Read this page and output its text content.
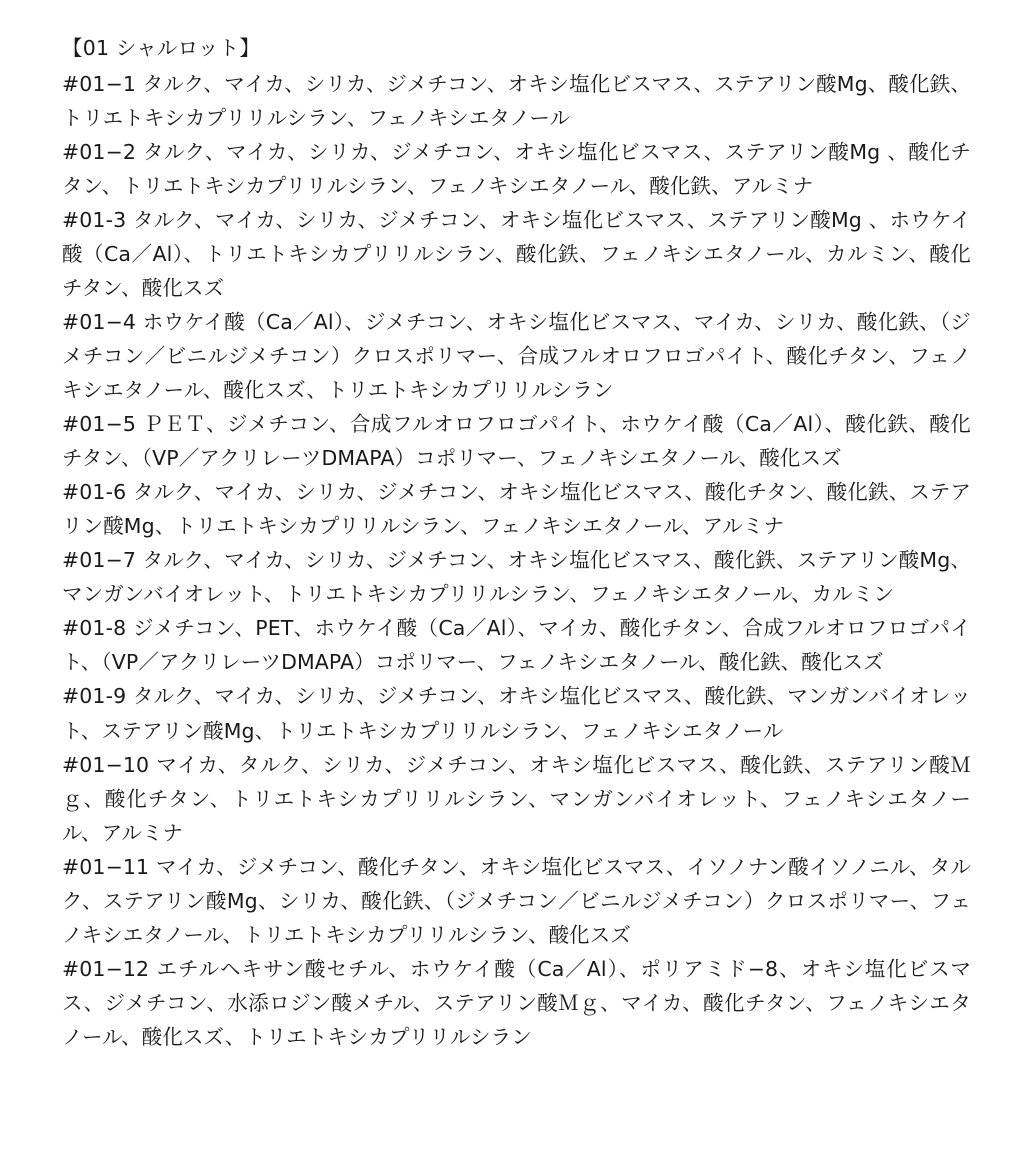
【01 シャルロット】

#01−1 タルク、マイカ、シリカ、ジメチコン、オキシ塩化ビスマス、ステアリン酸Mg、酸化鉄、トリエトキシカプリリルシラン、フェノキシエタノール

#01−2 タルク、マイカ、シリカ、ジメチコン、オキシ塩化ビスマス、ステアリン酸Mg 、酸化チタン、トリエトキシカプリリルシラン、フェノキシエタノール、酸化鉄、アルミナ

#01-3 タルク、マイカ、シリカ、ジメチコン、オキシ塩化ビスマス、ステアリン酸Mg 、ホウケイ酸（Ca／Al）、トリエトキシカプリリルシラン、酸化鉄、フェノキシエタノール、カルミン、酸化チタン、酸化スズ

#01−4 ホウケイ酸（Ca／Al）、ジメチコン、オキシ塩化ビスマス、マイカ、シリカ、酸化鉄、（ジメチコン／ビニルジメチコン）クロスポリマー、合成フルオロフロゴパイト、酸化チタン、フェノキシエタノール、酸化スズ、トリエトキシカプリリルシラン

#01−5 ＰＥＴ、ジメチコン、合成フルオロフロゴパイト、ホウケイ酸（Ca／Al）、酸化鉄、酸化チタン、（VP／アクリレーツDMAPA）コポリマー、フェノキシエタノール、酸化スズ

#01-6 タルク、マイカ、シリカ、ジメチコン、オキシ塩化ビスマス、酸化チタン、酸化鉄、ステアリン酸Mg、トリエトキシカプリリルシラン、フェノキシエタノール、アルミナ

#01−7 タルク、マイカ、シリカ、ジメチコン、オキシ塩化ビスマス、酸化鉄、ステアリン酸Mg、マンガンバイオレット、トリエトキシカプリリルシラン、フェノキシエタノール、カルミン

#01-8 ジメチコン、PET、ホウケイ酸（Ca／Al）、マイカ、酸化チタン、合成フルオロフロゴパイト、（VP／アクリレーツDMAPA）コポリマー、フェノキシエタノール、酸化鉄、酸化スズ

#01-9 タルク、マイカ、シリカ、ジメチコン、オキシ塩化ビスマス、酸化鉄、マンガンバイオレット、ステアリン酸Mg、トリエトキシカプリリルシラン、フェノキシエタノール

#01−10 マイカ、タルク、シリカ、ジメチコン、オキシ塩化ビスマス、酸化鉄、ステアリン酸Ｍｇ、酸化チタン、トリエトキシカプリリルシラン、マンガンバイオレット、フェノキシエタノール、アルミナ

#01−11 マイカ、ジメチコン、酸化チタン、オキシ塩化ビスマス、イソノナン酸イソノニル、タルク、ステアリン酸Mg、シリカ、酸化鉄、（ジメチコン／ビニルジメチコン）クロスポリマー、フェノキシエタノール、トリエトキシカプリリルシラン、酸化スズ

#01−12 エチルヘキサン酸セチル、ホウケイ酸（Ca／Al）、ポリアミド−8、オキシ塩化ビスマス、ジメチコン、水添ロジン酸メチル、ステアリン酸Ｍｇ、マイカ、酸化チタン、フェノキシエタノール、酸化スズ、トリエトキシカプリリルシラン
